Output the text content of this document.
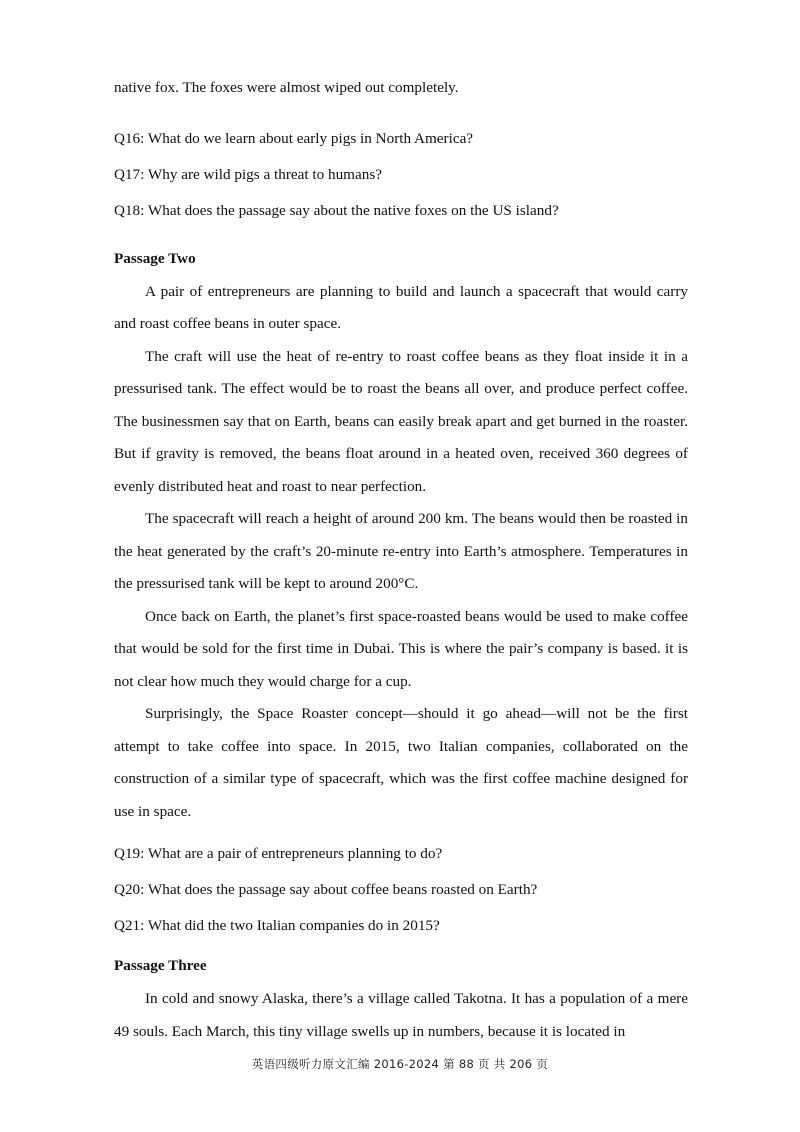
native fox. The foxes were almost wiped out completely.

Q16: What do we learn about early pigs in North America?

Q17: Why are wild pigs a threat to humans?

Q18: What does the passage say about the native foxes on the US island?

Passage Two

A pair of entrepreneurs are planning to build and launch a spacecraft that would carry and roast coffee beans in outer space.

The craft will use the heat of re-entry to roast coffee beans as they float inside it in a pressurised tank. The effect would be to roast the beans all over, and produce perfect coffee. The businessmen say that on Earth, beans can easily break apart and get burned in the roaster. But if gravity is removed, the beans float around in a heated oven, received 360 degrees of evenly distributed heat and roast to near perfection.

The spacecraft will reach a height of around 200 km. The beans would then be roasted in the heat generated by the craft’s 20-minute re-entry into Earth’s atmosphere. Temperatures in the pressurised tank will be kept to around 200°C.

Once back on Earth, the planet’s first space-roasted beans would be used to make coffee that would be sold for the first time in Dubai. This is where the pair’s company is based. it is not clear how much they would charge for a cup.

Surprisingly, the Space Roaster concept—should it go ahead—will not be the first attempt to take coffee into space. In 2015, two Italian companies, collaborated on the construction of a similar type of spacecraft, which was the first coffee machine designed for use in space.

Q19: What are a pair of entrepreneurs planning to do?

Q20: What does the passage say about coffee beans roasted on Earth?

Q21: What did the two Italian companies do in 2015?

Passage Three

In cold and snowy Alaska, there’s a village called Takotna. It has a population of a mere 49 souls. Each March, this tiny village swells up in numbers, because it is located in

英语四级听力原文汇编 2016-2024 第 88 页 共 206 页
